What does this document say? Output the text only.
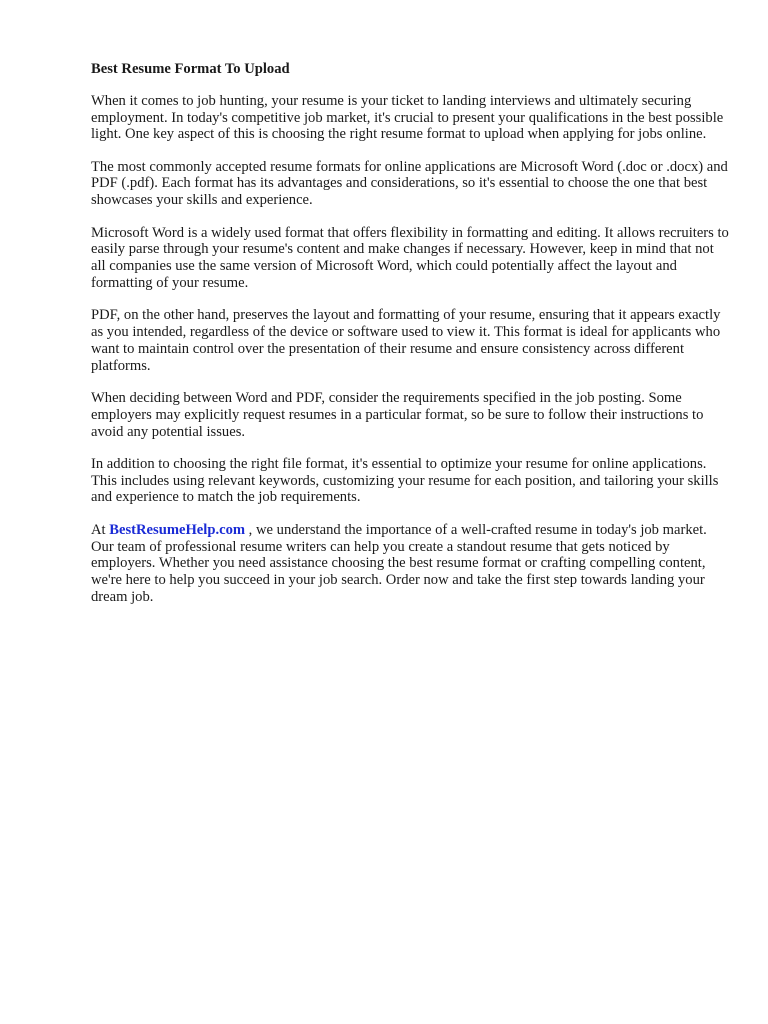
Best Resume Format To Upload

When it comes to job hunting, your resume is your ticket to landing interviews and ultimately securing employment. In today's competitive job market, it's crucial to present your qualifications in the best possible light. One key aspect of this is choosing the right resume format to upload when applying for jobs online.

The most commonly accepted resume formats for online applications are Microsoft Word (.doc or .docx) and PDF (.pdf). Each format has its advantages and considerations, so it's essential to choose the one that best showcases your skills and experience.

Microsoft Word is a widely used format that offers flexibility in formatting and editing. It allows recruiters to easily parse through your resume's content and make changes if necessary. However, keep in mind that not all companies use the same version of Microsoft Word, which could potentially affect the layout and formatting of your resume.

PDF, on the other hand, preserves the layout and formatting of your resume, ensuring that it appears exactly as you intended, regardless of the device or software used to view it. This format is ideal for applicants who want to maintain control over the presentation of their resume and ensure consistency across different platforms.

When deciding between Word and PDF, consider the requirements specified in the job posting. Some employers may explicitly request resumes in a particular format, so be sure to follow their instructions to avoid any potential issues.

In addition to choosing the right file format, it's essential to optimize your resume for online applications. This includes using relevant keywords, customizing your resume for each position, and tailoring your skills and experience to match the job requirements.

At BestResumeHelp.com , we understand the importance of a well-crafted resume in today's job market. Our team of professional resume writers can help you create a standout resume that gets noticed by employers. Whether you need assistance choosing the best resume format or crafting compelling content, we're here to help you succeed in your job search. Order now and take the first step towards landing your dream job.
